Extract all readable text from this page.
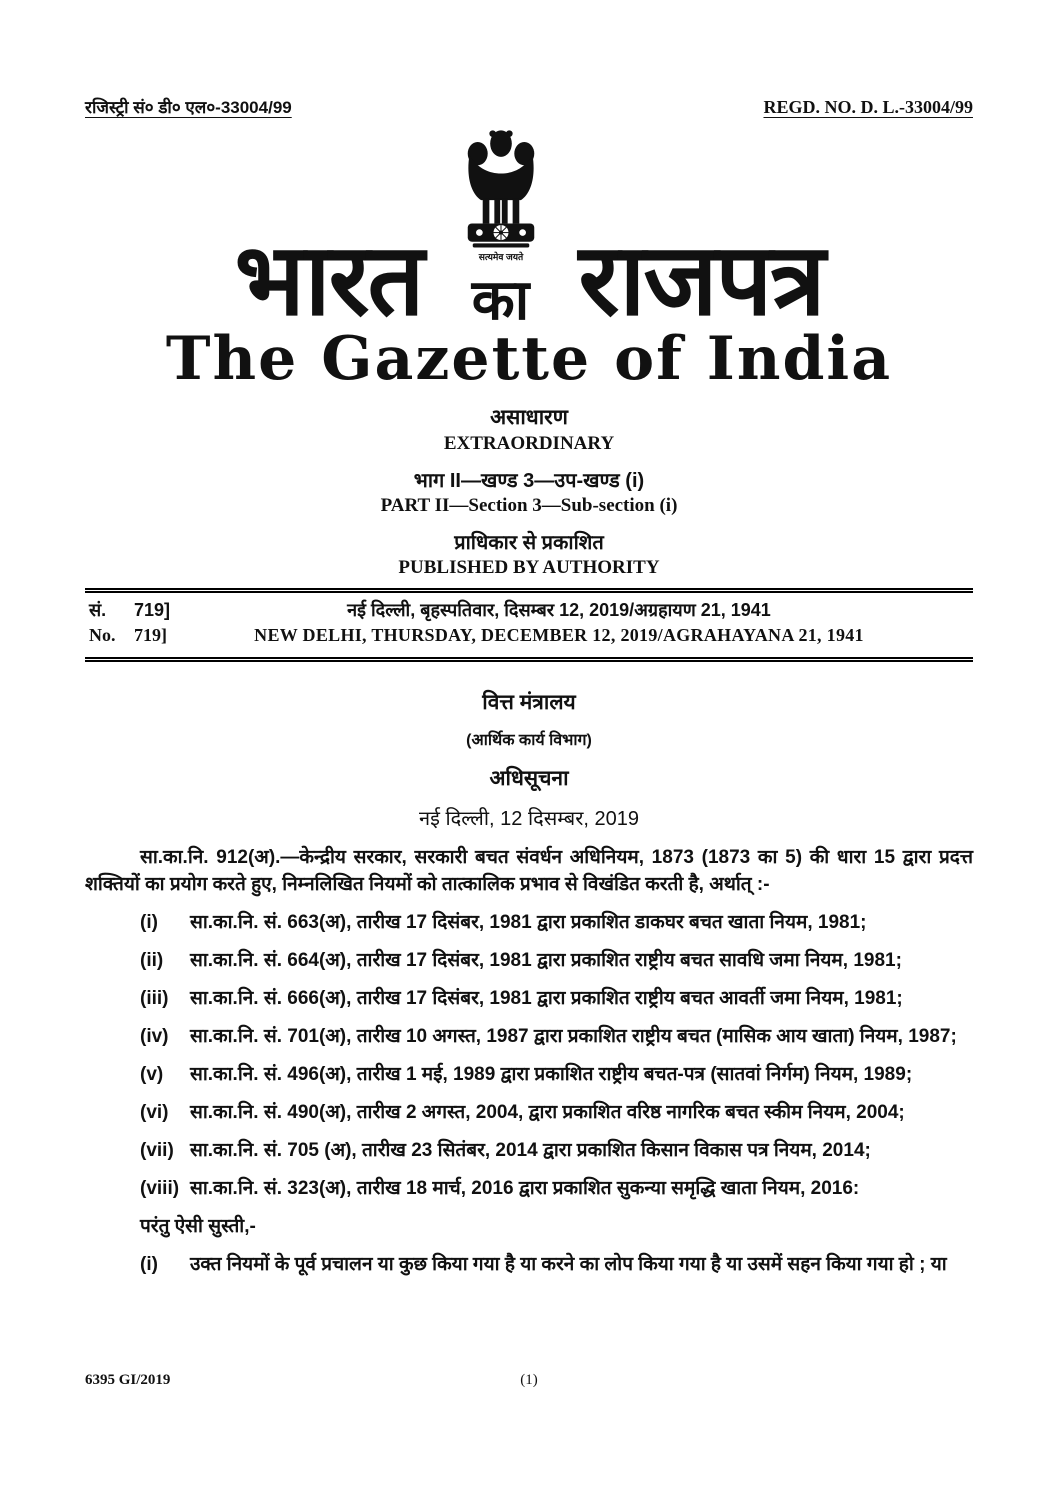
रजिस्ट्री सं० डी० एल०-33004/99	REGD. NO. D. L.-33004/99
भारत	सत्यमेव जयते
का राजपत्र
The Gazette of India
असाधारण
EXTRAORDINARY
भाग II—खण्ड 3—उप-खण्ड (i)
PART II—Section 3—Sub-section (i)
प्राधिकार से प्रकाशित
PUBLISHED BY AUTHORITY
सं. 719]	नई दिल्ली, बृहस्पतिवार, दिसम्बर 12, 2019/अग्रहायण 21, 1941
No. 719]	NEW DELHI, THURSDAY, DECEMBER 12, 2019/AGRAHAYANA 21, 1941
वित्त मंत्रालय
(आर्थिक कार्य विभाग)
अधिसूचना
नई दिल्ली, 12 दिसम्बर, 2019

सा.का.नि. 912(अ).—केन्द्रीय सरकार, सरकारी बचत संवर्धन अधिनियम, 1873 (1873 का 5) की धारा 15 द्वारा प्रदत्त शक्तियों का प्रयोग करते हुए, निम्नलिखित नियमों को तात्कालिक प्रभाव से विखंडित करती है, अर्थात् :-

(i)	सा.का.नि. सं. 663(अ), तारीख 17 दिसंबर, 1981 द्वारा प्रकाशित डाकघर बचत खाता नियम, 1981;
(ii)	सा.का.नि. सं. 664(अ), तारीख 17 दिसंबर, 1981 द्वारा प्रकाशित राष्ट्रीय बचत सावधि जमा नियम, 1981;
(iii)	सा.का.नि. सं. 666(अ), तारीख 17 दिसंबर, 1981 द्वारा प्रकाशित राष्ट्रीय बचत आवर्ती जमा नियम, 1981;
(iv)	सा.का.नि. सं. 701(अ), तारीख 10 अगस्त, 1987 द्वारा प्रकाशित राष्ट्रीय बचत (मासिक आय खाता) नियम, 1987;
(v)	सा.का.नि. सं. 496(अ), तारीख 1 मई, 1989 द्वारा प्रकाशित राष्ट्रीय बचत-पत्र (सातवां निर्गम) नियम, 1989;
(vi)	सा.का.नि. सं. 490(अ), तारीख 2 अगस्त, 2004, द्वारा प्रकाशित वरिष्ठ नागरिक बचत स्कीम नियम, 2004;
(vii) सा.का.नि. सं. 705 (अ), तारीख 23 सितंबर, 2014 द्वारा प्रकाशित किसान विकास पत्र नियम, 2014;
(viii) सा.का.नि. सं. 323(अ), तारीख 18 मार्च, 2016 द्वारा प्रकाशित सुकन्या समृद्धि खाता नियम, 2016:

परंतु ऐसी सुस्ती,-

(i)	उक्त नियमों के पूर्व प्रचालन या कुछ किया गया है या करने का लोप किया गया है या उसमें सहन किया गया हो ; या
6395 GI/2019	(1)
